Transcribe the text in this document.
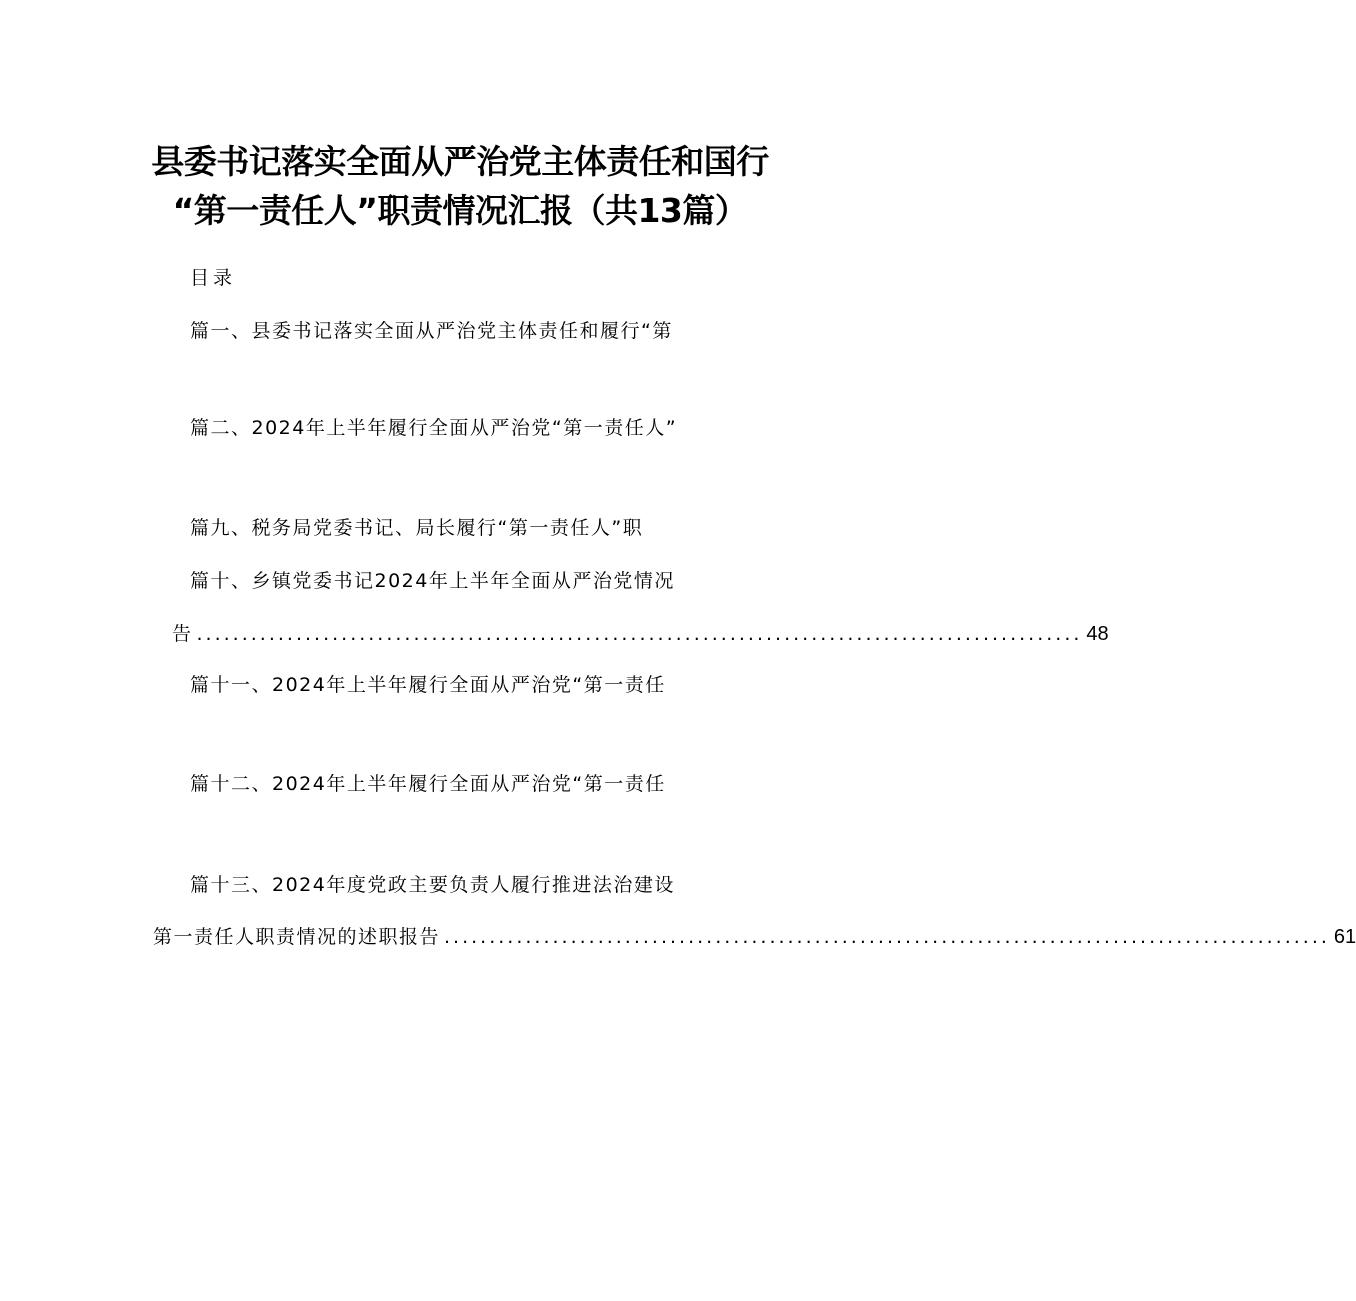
县委书记落实全面从严治党主体责任和国行
“第一责任人”职责情况汇报（共13篇）
目录
篇一、县委书记落实全面从严治党主体责任和履行“第
篇二、2024年上半年履行全面从严治党“第一责任人”
篇九、税务局党委书记、局长履行“第一责任人”职
篇十、乡镇党委书记2024年上半年全面从严治党情况
告 .................................................................................................. 48
篇十一、2024年上半年履行全面从严治党“第一责任
篇十二、2024年上半年履行全面从严治党“第一责任
篇十三、2024年度党政主要负责人履行推进法治建设
第一责任人职责情况的述职报告 .................................................................................................. 61
